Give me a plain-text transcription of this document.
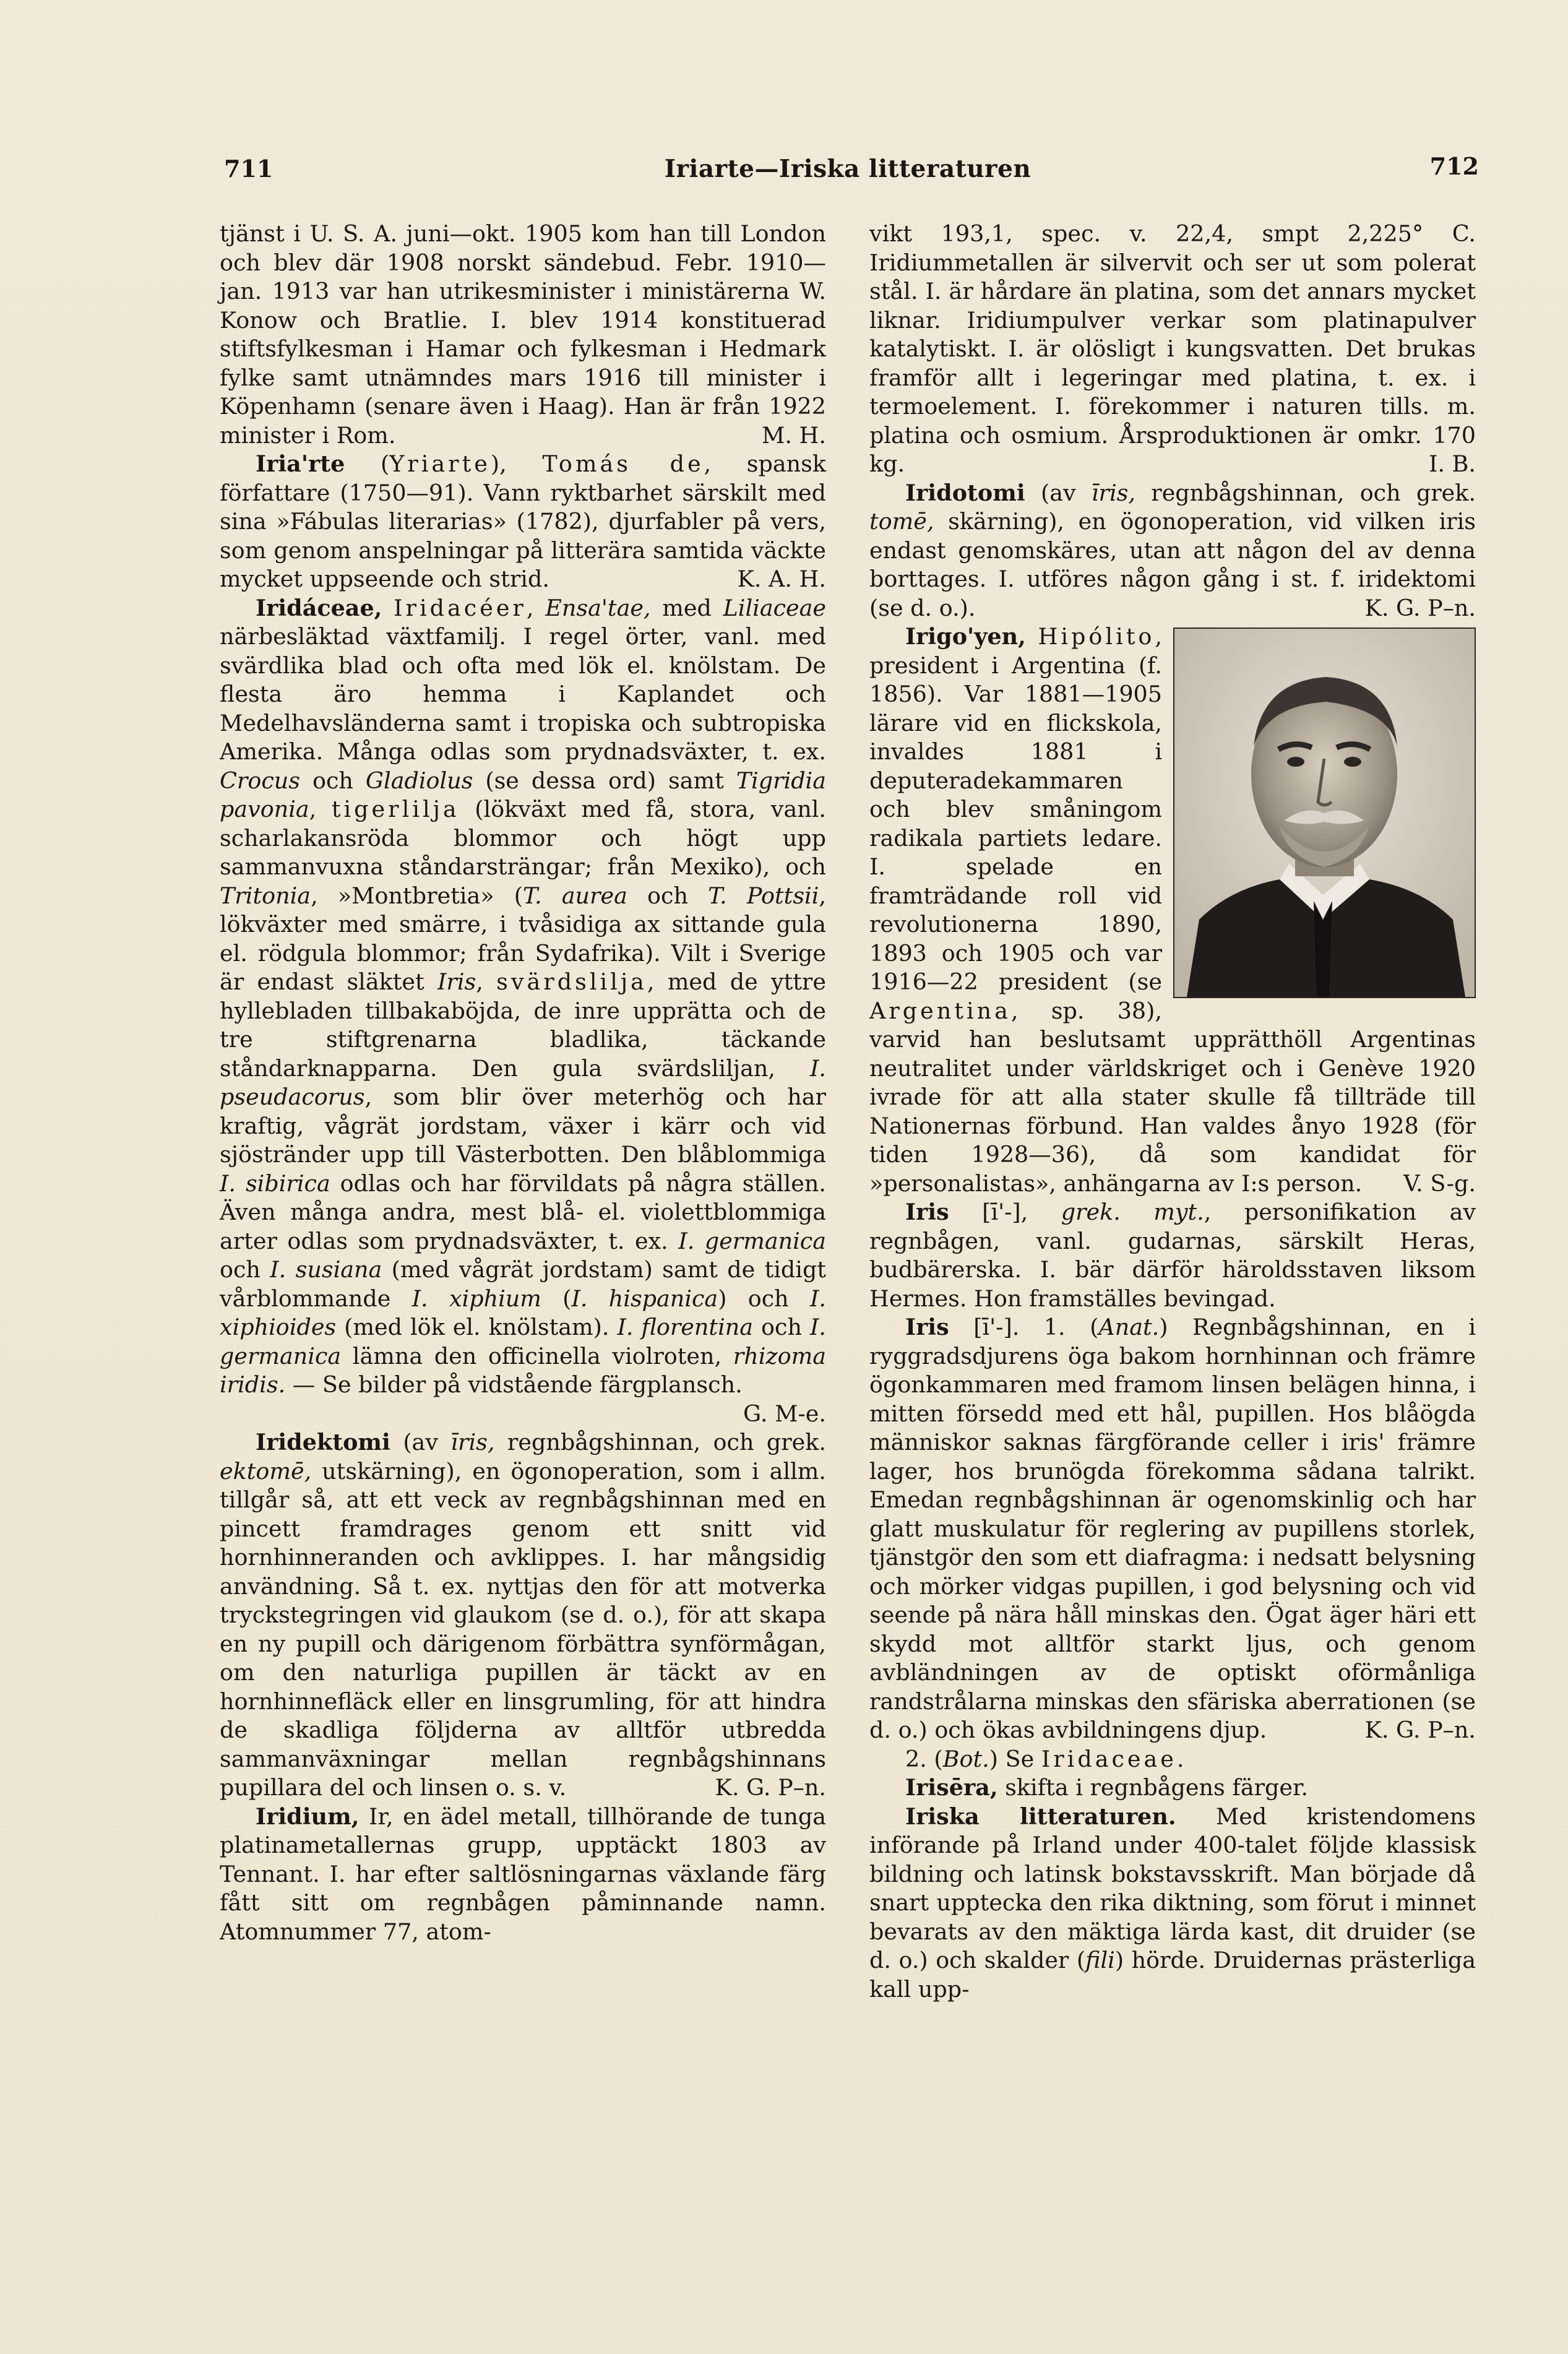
711	Iriarte—Iriska litteraturen	712

tjänst i U. S. A. juni—okt. 1905 kom han till London och blev där 1908 norskt sändebud. Febr. 1910—jan. 1913 var han utrikesminister i ministärerna W. Konow och Bratlie. I. blev 1914 konstituerad stiftsfylkesman i Hamar och fylkesman i Hedmark fylke samt utnämndes mars 1916 till minister i Köpenhamn (senare även i Haag). Han är från 1922 minister i Rom.	M. H.

Iria'rte (Yriarte), Tomás de, spansk författare (1750—91). Vann ryktbarhet särskilt med sina »Fábulas literarias» (1782), djurfabler på vers, som genom anspelningar på litterära samtida väckte mycket uppseende och strid.	K. A. H.

Iridáceae, Iridacéer, Ensa'tae, med Liliaceae närbesläktad växtfamilj. I regel örter, vanl. med svärdlika blad och ofta med lök el. knölstam. De flesta äro hemma i Kaplandet och Medelhavsländerna samt i tropiska och subtropiska Amerika. Många odlas som prydnadsväxter, t. ex. Crocus och Gladiolus (se dessa ord) samt Tigridia pavonia, tigerlilja (lökväxt med få, stora, vanl. scharlakansröda blommor och högt upp sammanvuxna ståndarsträngar; från Mexiko), och Tritonia, »Montbretia» (T. aurea och T. Pottsii, lökväxter med smärre, i tvåsidiga ax sittande gula el. rödgula blommor; från Sydafrika). Vilt i Sverige är endast släktet Iris, svärdslilja, med de yttre hyllebladen tillbakaböjda, de inre upprätta och de tre stiftgrenarna bladlika, täckande ståndarknapparna. Den gula svärdsliljan, I. pseudacorus, som blir över meterhög och har kraftig, vågrät jordstam, växer i kärr och vid sjöstränder upp till Västerbotten. Den blåblommiga I. sibirica odlas och har förvildats på några ställen. Även många andra, mest blå- el. violettblommiga arter odlas som prydnadsväxter, t. ex. I. germanica och I. susiana (med vågrät jordstam) samt de tidigt vårblommande I. xiphium (I. hispanica) och I. xiphioides (med lök el. knölstam). I. florentina och I. germanica lämna den officinella violroten, rhizoma iridis. — Se bilder på vidstående färgplansch.
G. M-e.

Iridektomi (av īris, regnbågshinnan, och grek. ektomē, utskärning), en ögonoperation, som i allm. tillgår så, att ett veck av regnbågshinnan med en pincett framdrages genom ett snitt vid hornhinneranden och avklippes. I. har mångsidig användning. Så t. ex. nyttjas den för att motverka tryckstegringen vid glaukom (se d. o.), för att skapa en ny pupill och därigenom förbättra synförmågan, om den naturliga pupillen är täckt av en hornhinnefläck eller en linsgrumling, för att hindra de skadliga följderna av alltför utbredda sammanväxningar mellan regnbågshinnans pupillara del och linsen o. s. v.	K. G. P–n.

Iridium, Ir, en ädel metall, tillhörande de tunga platinametallernas grupp, upptäckt 1803 av Tennant. I. har efter saltlösningarnas växlande färg fått sitt om regnbågen påminnande namn. Atomnummer 77, atom-

vikt 193,1, spec. v. 22,4, smpt 2,225° C. Iridiummetallen är silvervit och ser ut som polerat stål. I. är hårdare än platina, som det annars mycket liknar. Iridiumpulver verkar som platinapulver katalytiskt. I. är olösligt i kungsvatten. Det brukas framför allt i legeringar med platina, t. ex. i termoelement. I. förekommer i naturen tills. m. platina och osmium. Årsproduktionen är omkr. 170 kg.	I. B.

Iridotomi (av īris, regnbågshinnan, och grek. tomē, skärning), en ögonoperation, vid vilken iris endast genomskäres, utan att någon del av denna borttages. I. utföres någon gång i st. f. iridektomi (se d. o.).	K. G. P–n.

Irigo'yen, Hipólito, president i Argentina (f. 1856). Var 1881—1905 lärare vid en flickskola, invaldes 1881 i deputeradekammaren och blev småningom radikala partiets ledare. I. spelade en framträdande roll vid revolutionerna 1890, 1893 och 1905 och var 1916—22 president (se Argentina, sp. 38), varvid han beslutsamt upprätthöll Argentinas neutralitet under världskriget och i Genève 1920 ivrade för att alla stater skulle få tillträde till Nationernas förbund. Han valdes ånyo 1928 (för tiden 1928—36), då som kandidat för »personalistas», anhängarna av I:s person.	V. S-g.

Iris [ī'-], grek. myt., personifikation av regnbågen, vanl. gudarnas, särskilt Heras, budbärerska. I. bär därför häroldsstaven liksom Hermes. Hon framställes bevingad.

Iris [ī'-]. 1. (Anat.) Regnbågshinnan, en i ryggradsdjurens öga bakom hornhinnan och främre ögonkammaren med framom linsen belägen hinna, i mitten försedd med ett hål, pupillen. Hos blåögda människor saknas färgförande celler i iris' främre lager, hos brunögda förekomma sådana talrikt. Emedan regnbågshinnan är ogenomskinlig och har glatt muskulatur för reglering av pupillens storlek, tjänstgör den som ett diafragma: i nedsatt belysning och mörker vidgas pupillen, i god belysning och vid seende på nära håll minskas den. Ögat äger häri ett skydd mot alltför starkt ljus, och genom avbländningen av de optiskt oförmånliga randstrålarna minskas den sfäriska aberrationen (se d. o.) och ökas avbildningens djup.	K. G. P–n.

2. (Bot.) Se Iridaceae.

Irisēra, skifta i regnbågens färger.

Iriska litteraturen. Med kristendomens införande på Irland under 400-talet följde klassisk bildning och latinsk bokstavsskrift. Man började då snart upptecka den rika diktning, som förut i minnet bevarats av den mäktiga lärda kast, dit druider (se d. o.) och skalder (fili) hörde. Druidernas prästerliga kall upp-
